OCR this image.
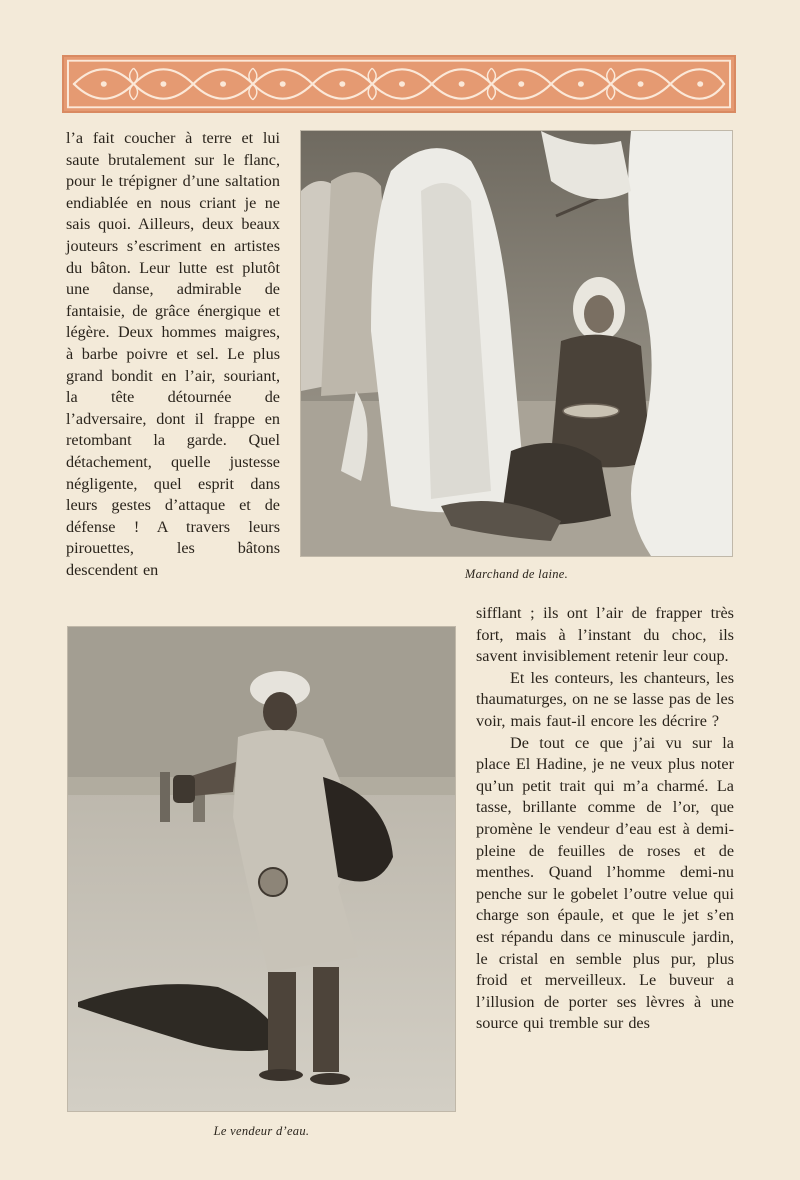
l’a fait coucher à terre et lui saute brutalement sur le flanc, pour le trépigner d’une saltation endiablée en nous criant je ne sais quoi. Ailleurs, deux beaux jouteurs s’escriment en artistes du bâton. Leur lutte est plutôt une danse, admirable de fantaisie, de grâce énergique et légère. Deux hommes maigres, à barbe poivre et sel. Le plus grand bondit en l’air, souriant, la tête détournée de l’adversaire, dont il frappe en retombant la garde. Quel détachement, quelle justesse négligente, quel esprit dans leurs gestes d’attaque et de défense ! A travers leurs pirouettes, les bâtons descendent en	Marchand de laine.
Le vendeur d’eau.

sifflant ; ils ont l’air de frapper très fort, mais à l’instant du choc, ils savent invisiblement retenir leur coup.

Et les conteurs, les chanteurs, les thaumaturges, on ne se lasse pas de les voir, mais faut-il encore les décrire ?

De tout ce que j’ai vu sur la place El Hadine, je ne veux plus noter qu’un petit trait qui m’a charmé. La tasse, brillante comme de l’or, que promène le vendeur d’eau est à demi-pleine de feuilles de roses et de menthes. Quand l’homme demi-nu penche sur le gobelet l’outre velue qui charge son épaule, et que le jet s’en est répandu dans ce minuscule jardin, le cristal en semble plus pur, plus froid et merveilleux. Le buveur a l’illusion de porter ses lèvres à une source qui tremble sur des
